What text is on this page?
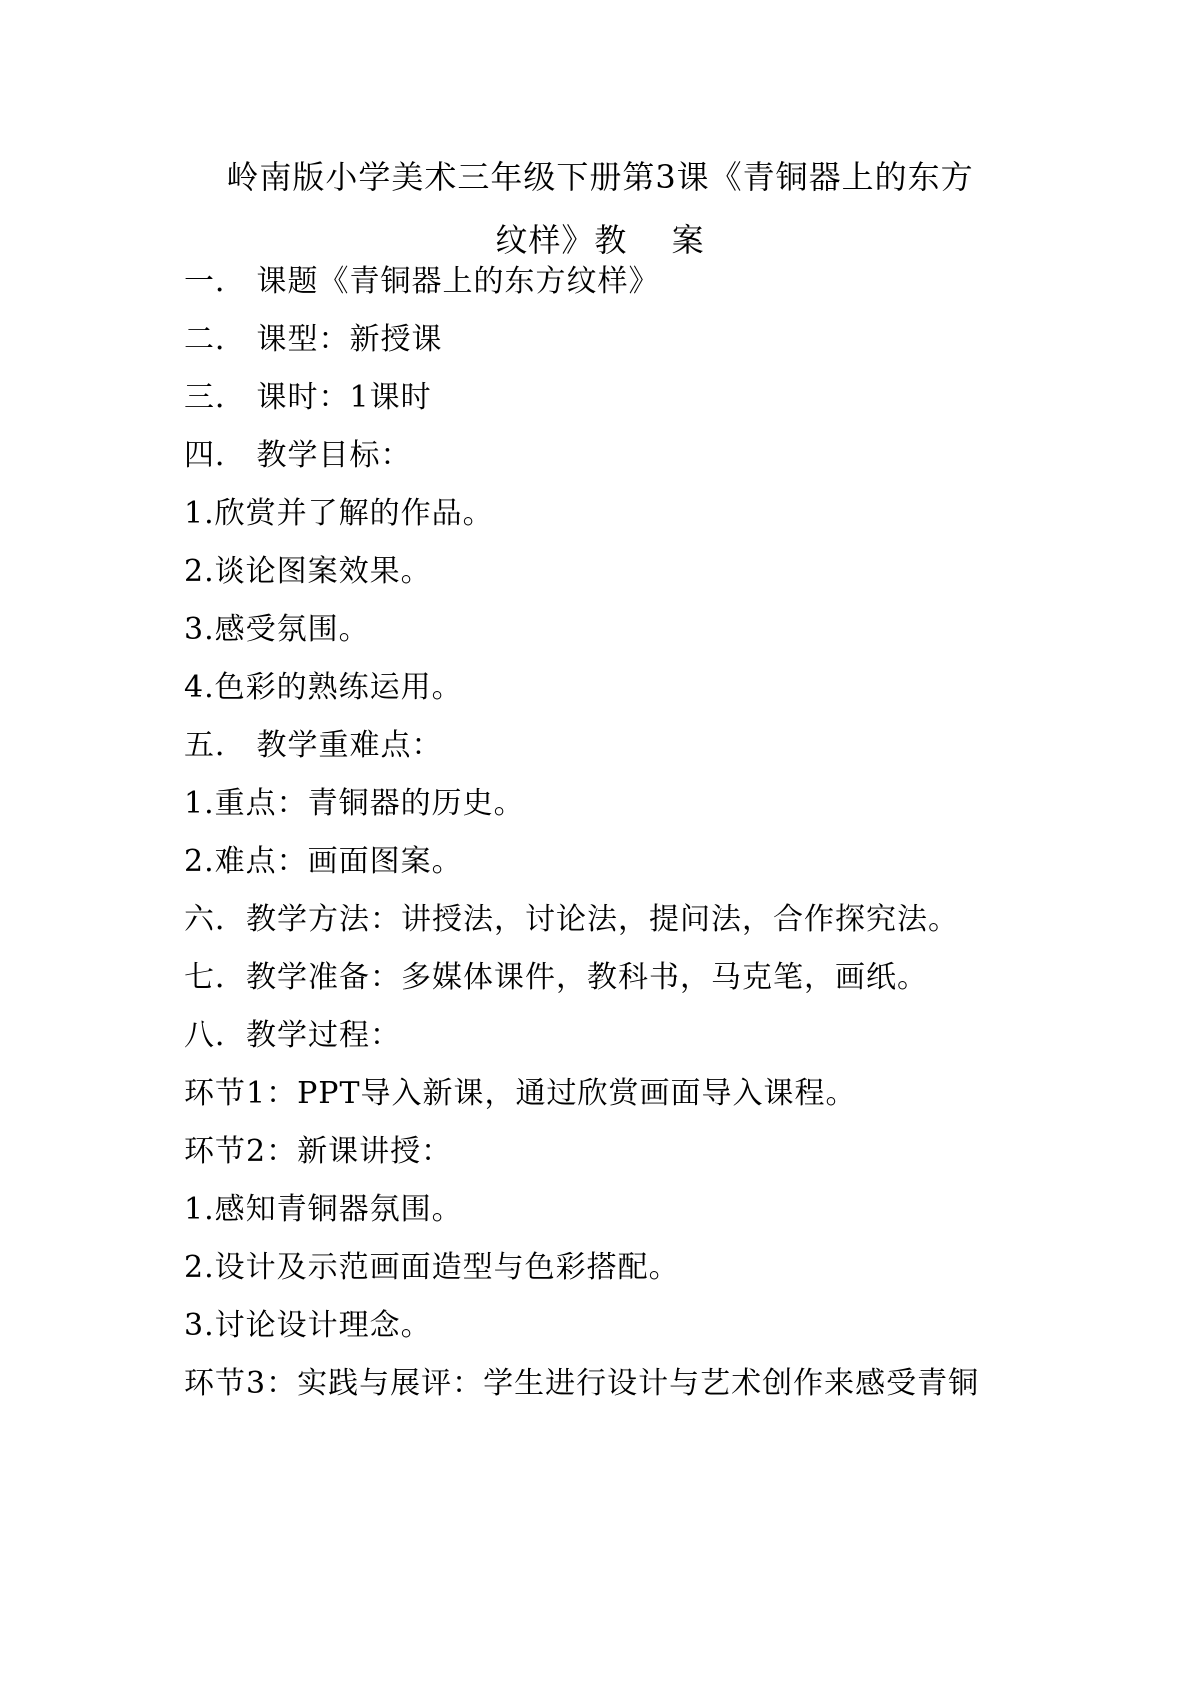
岭南版小学美术三年级下册第3课《青铜器上的东方
纹样》教　 案
一． 课题《青铜器上的东方纹样》
二． 课型：新授课
三． 课时：1课时
四． 教学目标：
1.欣赏并了解的作品。
2.谈论图案效果。
3.感受氛围。
4.色彩的熟练运用。
五． 教学重难点：
1.重点：青铜器的历史。
2.难点：画面图案。
六．教学方法：讲授法，讨论法，提问法，合作探究法。
七．教学准备：多媒体课件，教科书，马克笔，画纸。
八．教学过程：
环节1：PPT导入新课，通过欣赏画面导入课程。
环节2：新课讲授：
1.感知青铜器氛围。
2.设计及示范画面造型与色彩搭配。
3.讨论设计理念。
环节3：实践与展评：学生进行设计与艺术创作来感受青铜
